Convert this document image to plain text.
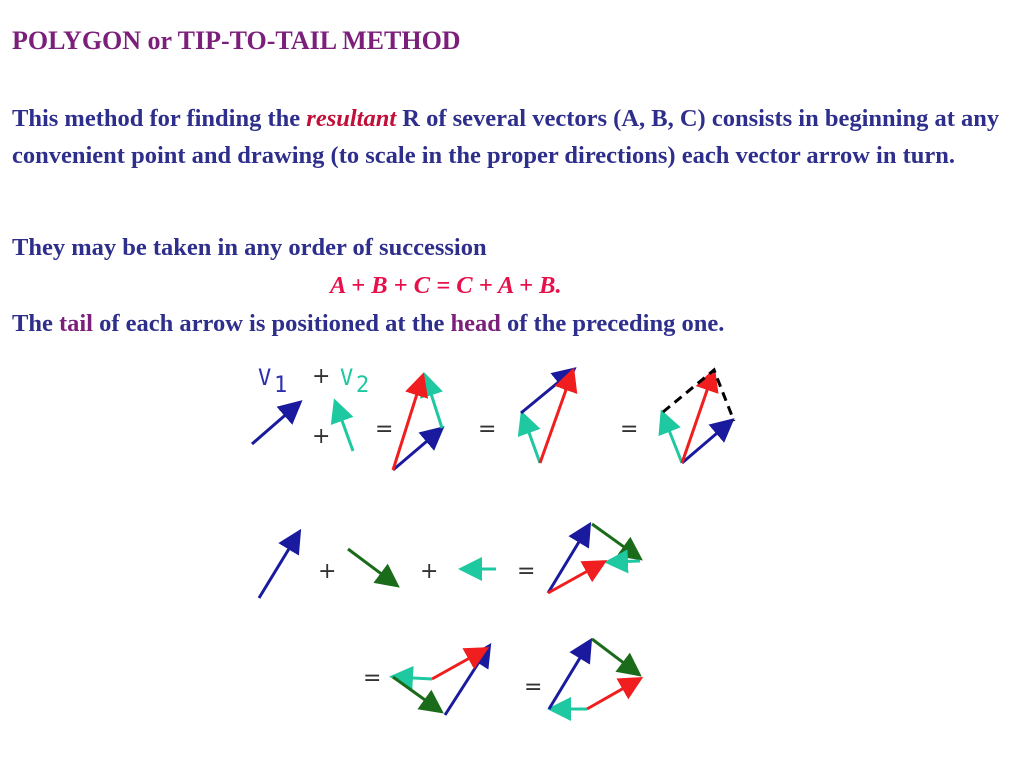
POLYGON or TIP-TO-TAIL METHOD
This method for finding the resultant R of several vectors (A, B, C) consists in beginning at any convenient point and drawing (to scale in the proper directions) each vector arrow in turn.
They may be taken in any order of succession
A + B + C = C + A + B.
The tail of each arrow is positioned at the head of the preceding one.
V 1 + V 2
+ =	=	=
+	+	=
=	=
